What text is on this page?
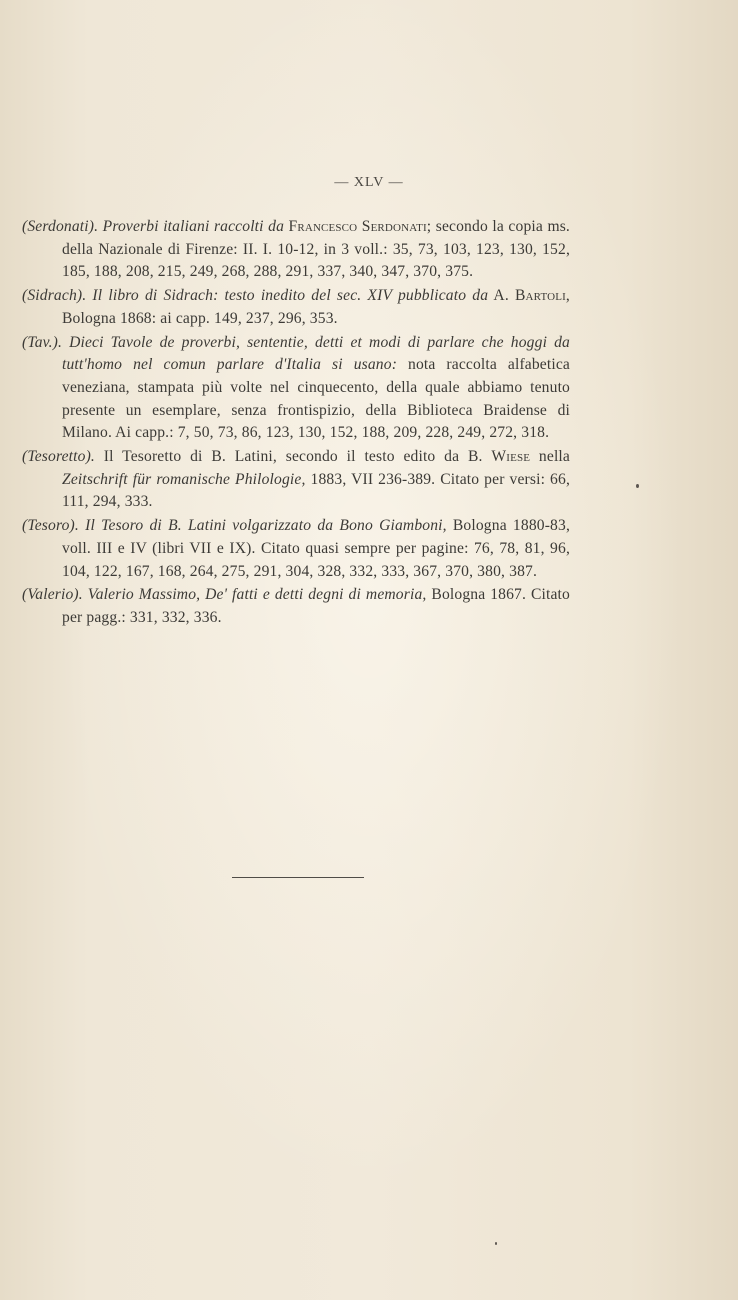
— XLV —

(Serdonati). Proverbi italiani raccolti da Francesco Serdonati; secondo la copia ms. della Nazionale di Firenze: II. I. 10-12, in 3 voll.: 35, 73, 103, 123, 130, 152, 185, 188, 208, 215, 249, 268, 288, 291, 337, 340, 347, 370, 375.

(Sidrach). Il libro di Sidrach: testo inedito del sec. XIV pubblicato da A. Bartoli, Bologna 1868: ai capp. 149, 237, 296, 353.

(Tav.). Dieci Tavole de proverbi, sententie, detti et modi di parlare che hoggi da tutt'homo nel comun parlare d'Italia si usano: nota raccolta alfabetica veneziana, stampata più volte nel cinquecento, della quale abbiamo tenuto presente un esemplare, senza frontispizio, della Biblioteca Braidense di Milano. Ai capp.: 7, 50, 73, 86, 123, 130, 152, 188, 209, 228, 249, 272, 318.

(Tesoretto). Il Tesoretto di B. Latini, secondo il testo edito da B. Wiese nella Zeitschrift für romanische Philologie, 1883, VII 236-389. Citato per versi: 66, 111, 294, 333.

(Tesoro). Il Tesoro di B. Latini volgarizzato da Bono Giamboni, Bologna 1880-83, voll. III e IV (libri VII e IX). Citato quasi sempre per pagine: 76, 78, 81, 96, 104, 122, 167, 168, 264, 275, 291, 304, 328, 332, 333, 367, 370, 380, 387.

(Valerio). Valerio Massimo, De' fatti e detti degni di memoria, Bologna 1867. Citato per pagg.: 331, 332, 336.
